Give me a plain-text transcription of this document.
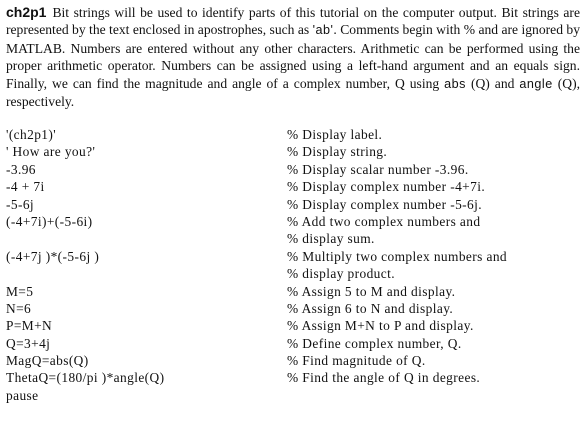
ch2p1 Bit strings will be used to identify parts of this tutorial on the computer output. Bit strings are represented by the text enclosed in apostrophes, such as 'ab'. Comments begin with % and are ignored by MATLAB. Numbers are entered without any other characters. Arithmetic can be performed using the proper arithmetic operator. Numbers can be assigned using a left-hand argument and an equals sign. Finally, we can find the magnitude and angle of a complex number, Q using abs (Q) and angle (Q), respectively.

'(ch2p1)'
' How are you?'
-3.96
-4 + 7i
-5-6j
(-4+7i)+(-5-6i)
(-4+7j )*(-5-6j )
M=5
N=6
P=M+N
Q=3+4j
MagQ=abs(Q)
ThetaQ=(180/pi )*angle(Q)
pause
% Display label.
% Display string.
% Display scalar number -3.96.
% Display complex number -4+7i.
% Display complex number -5-6j.
% Add two complex numbers and
% display sum.
% Multiply two complex numbers and
% display product.
% Assign 5 to M and display.
% Assign 6 to N and display.
% Assign M+N to P and display.
% Define complex number, Q.
% Find magnitude of Q.
% Find the angle of Q in degrees.
